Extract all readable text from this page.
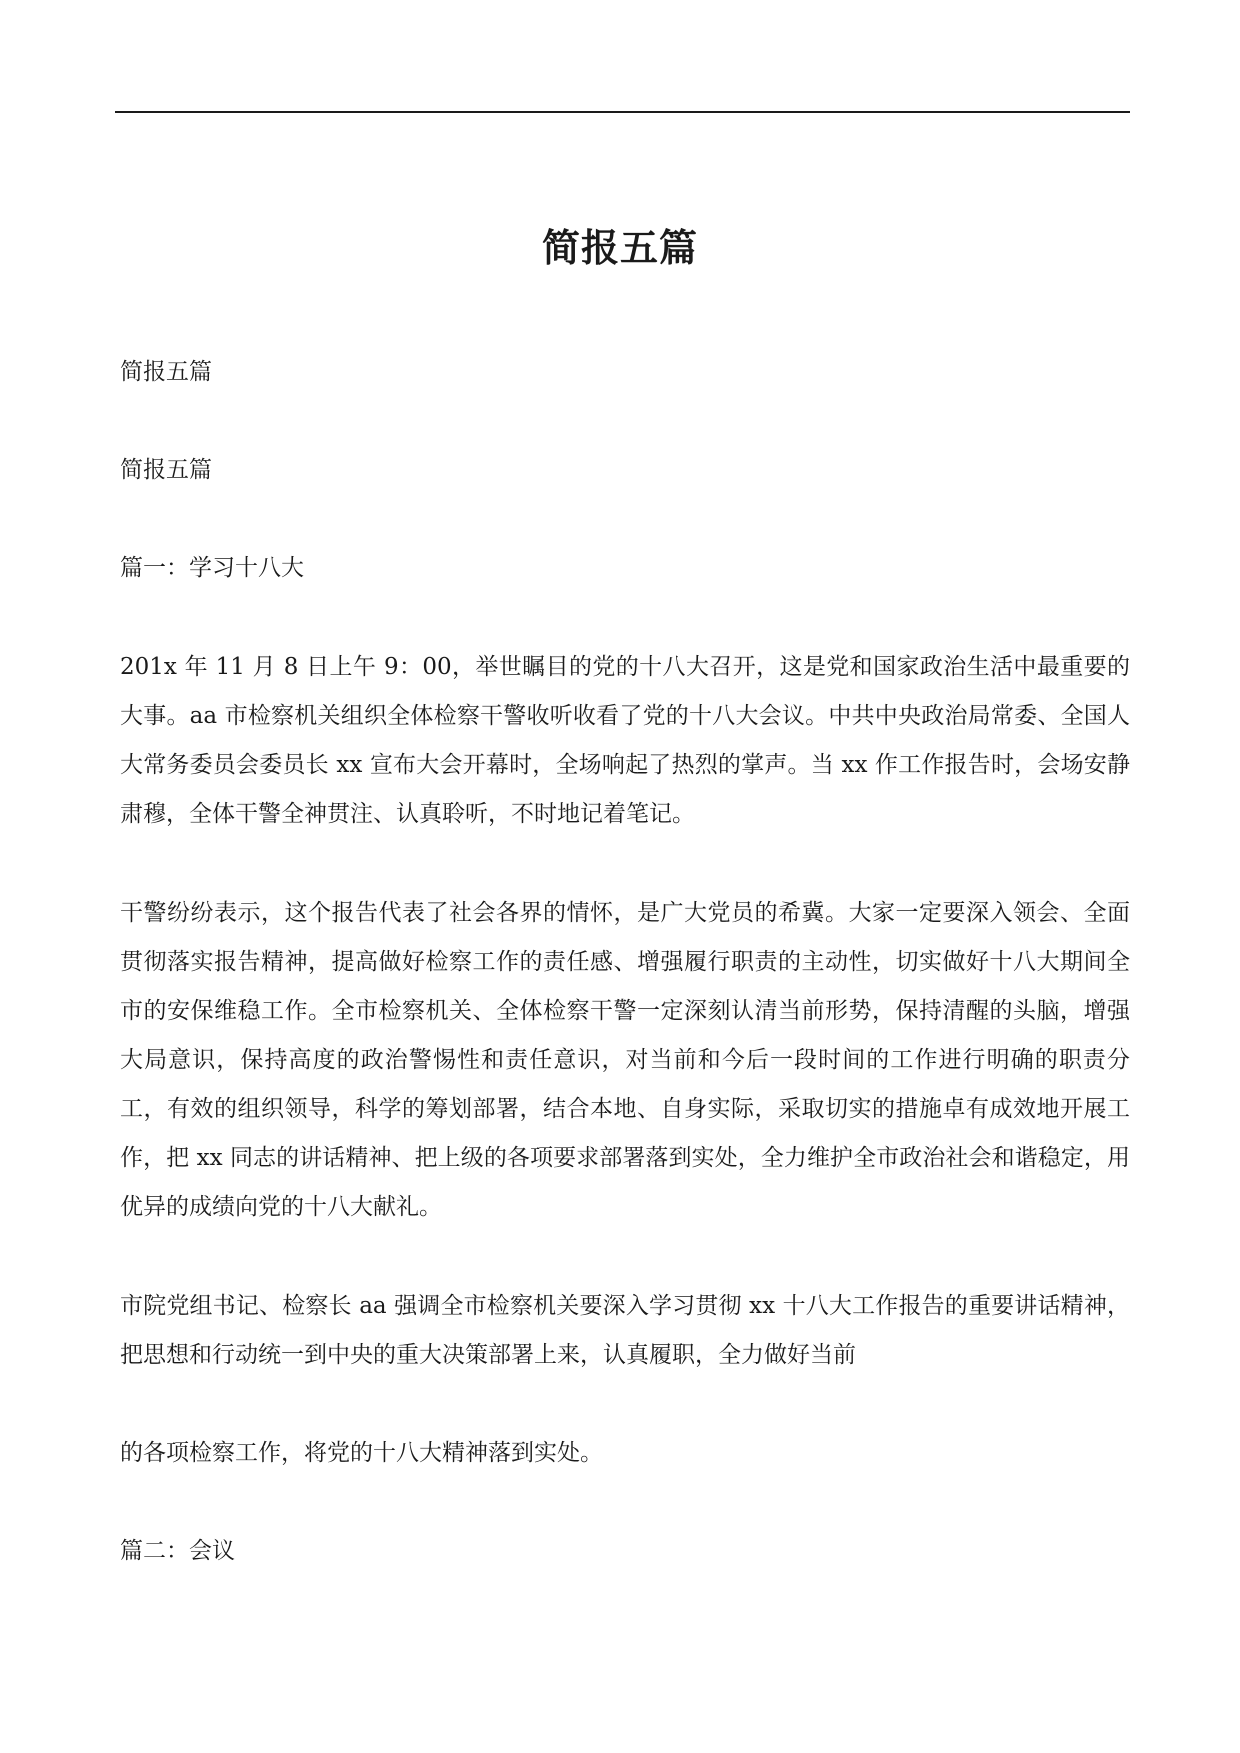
简报五篇

简报五篇

简报五篇

篇一：学习十八大

201x 年 11 月 8 日上午 9：00，举世瞩目的党的十八大召开，这是党和国家政治生活中最重要的大事。aa 市检察机关组织全体检察干警收听收看了党的十八大会议。中共中央政治局常委、全国人大常务委员会委员长 xx 宣布大会开幕时，全场响起了热烈的掌声。当 xx 作工作报告时，会场安静肃穆，全体干警全神贯注、认真聆听，不时地记着笔记。

干警纷纷表示，这个报告代表了社会各界的情怀，是广大党员的希冀。大家一定要深入领会、全面贯彻落实报告精神，提高做好检察工作的责任感、增强履行职责的主动性，切实做好十八大期间全市的安保维稳工作。全市检察机关、全体检察干警一定深刻认清当前形势，保持清醒的头脑，增强大局意识，保持高度的政治警惕性和责任意识，对当前和今后一段时间的工作进行明确的职责分工，有效的组织领导，科学的筹划部署，结合本地、自身实际，采取切实的措施卓有成效地开展工作，把 xx 同志的讲话精神、把上级的各项要求部署落到实处，全力维护全市政治社会和谐稳定，用优异的成绩向党的十八大献礼。

市院党组书记、检察长 aa 强调全市检察机关要深入学习贯彻 xx 十八大工作报告的重要讲话精神，把思想和行动统一到中央的重大决策部署上来，认真履职，全力做好当前

的各项检察工作，将党的十八大精神落到实处。

篇二：会议
